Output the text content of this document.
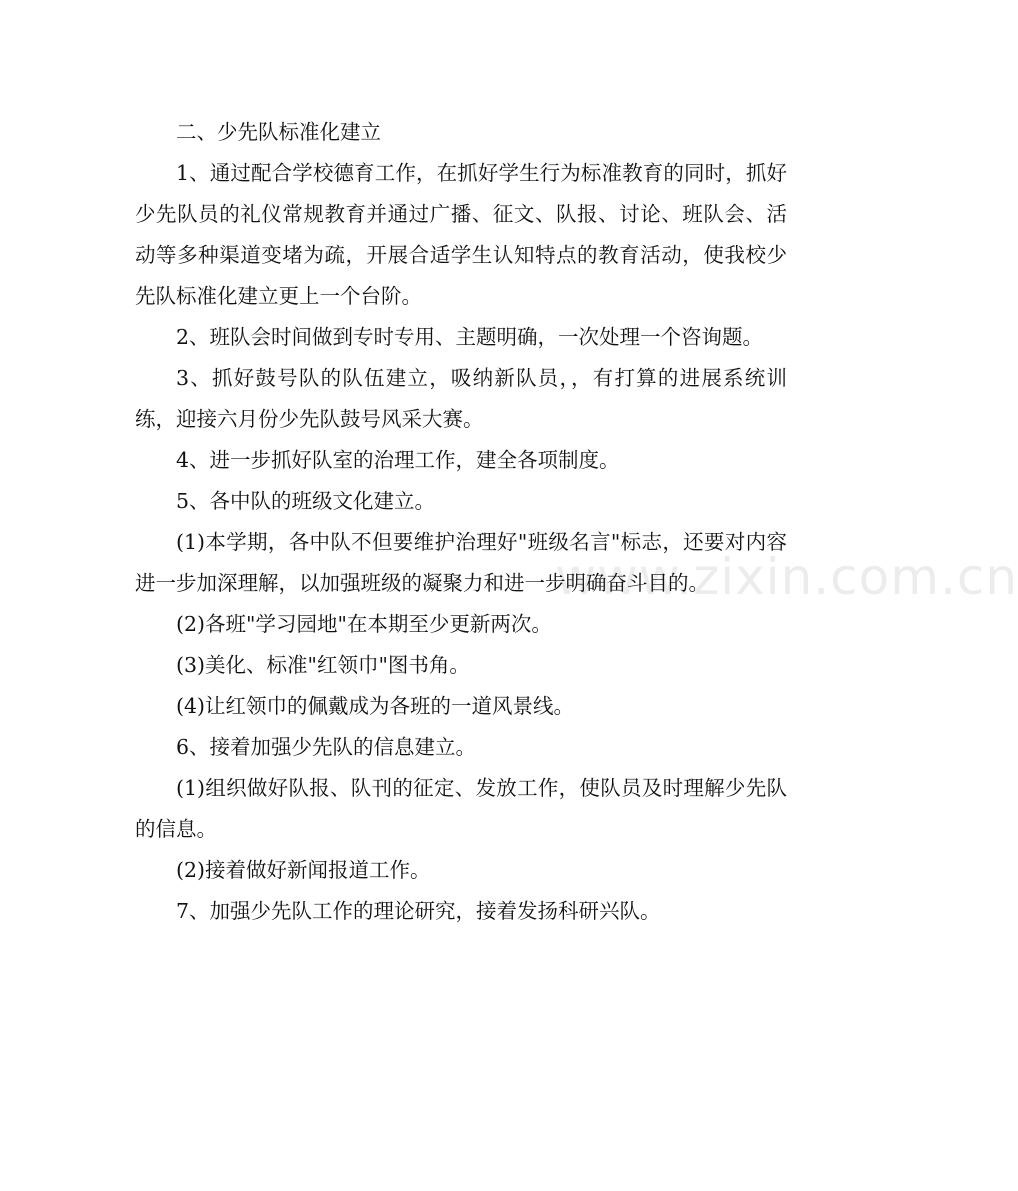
二、少先队标准化建立

1、通过配合学校德育工作，在抓好学生行为标准教育的同时，抓好少先队员的礼仪常规教育并通过广播、征文、队报、讨论、班队会、活动等多种渠道变堵为疏，开展合适学生认知特点的教育活动，使我校少先队标准化建立更上一个台阶。

2、班队会时间做到专时专用、主题明确，一次处理一个咨询题。

3、抓好鼓号队的队伍建立，吸纳新队员，，有打算的进展系统训练，迎接六月份少先队鼓号风采大赛。

4、进一步抓好队室的治理工作，建全各项制度。

5、各中队的班级文化建立。

(1)本学期，各中队不但要维护治理好"班级名言"标志，还要对内容进一步加深理解，以加强班级的凝聚力和进一步明确奋斗目的。

(2)各班"学习园地"在本期至少更新两次。

(3)美化、标准"红领巾"图书角。

(4)让红领巾的佩戴成为各班的一道风景线。

6、接着加强少先队的信息建立。

(1)组织做好队报、队刊的征定、发放工作，使队员及时理解少先队的信息。

(2)接着做好新闻报道工作。

7、加强少先队工作的理论研究，接着发扬科研兴队。

www.zixin.com.cn
